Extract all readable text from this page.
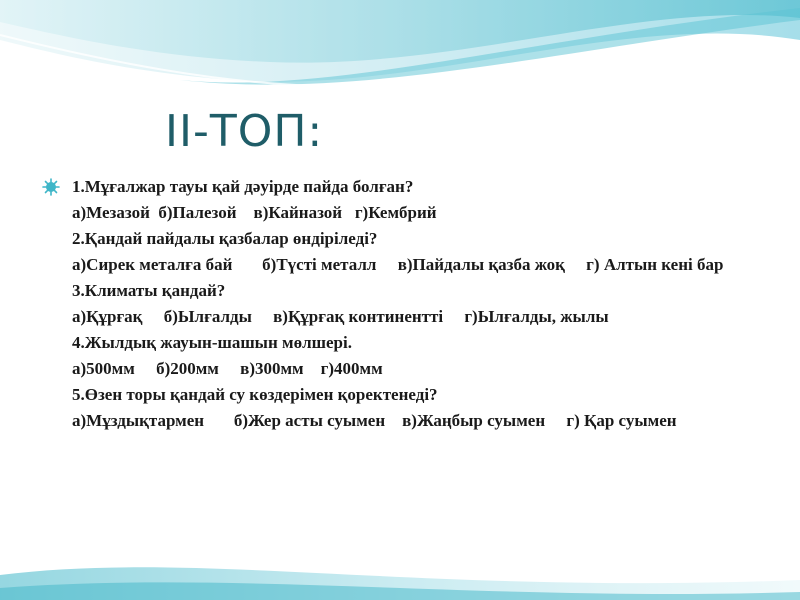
ІІ-ТОП:
1.Мұғалжар тауы қай дәуірде пайда болған?
а)Мезазой  б)Палезой    в)Кайназой   г)Кембрий
2.Қандай пайдалы қазбалар өндіріледі?
а)Сирек металға бай       б)Түсті металл     в)Пайдалы қазба жоқ     г) Алтын кені бар
3.Климаты қандай?
а)Құрғақ     б)Ылғалды     в)Құрғақ континентті     г)Ылғалды, жылы
4.Жылдық жауын-шашын мөлшері.
а)500мм     б)200мм     в)300мм    г)400мм
5.Өзен торы қандай су көздерімен қоректенеді?
а)Мұздықтармен       б)Жер асты суымен    в)Жаңбыр суымен     г) Қар суымен
